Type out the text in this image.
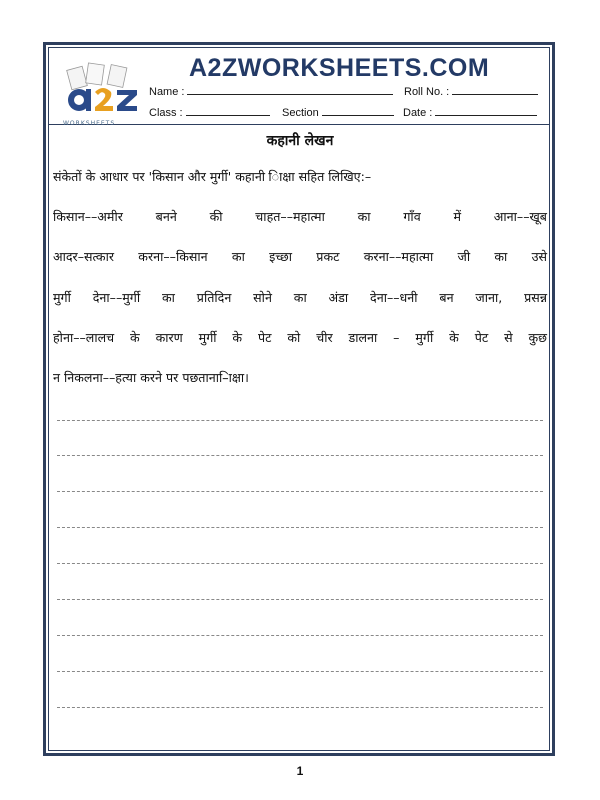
WORKSHEETS
A2ZWORKSHEETS.COM
Name :	Roll No. :
Class :	Section	Date :
कहानी लेखन
संकेतों के आधार पर 'किसान और मुर्गी' कहानी िाक्षा सहित लिखिए:–
किसान––अमीर बनने की चाहत––महात्मा का गाँव में आना––खूब
आदर–सत्कार करना––किसान का इच्छा प्रकट करना––महात्मा जी का उसे
मुर्गी देना––मुर्गी का प्रतिदिन सोने का अंडा देना––धनी बन जाना, प्रसन्न
होना––लालच के कारण मुर्गी के पेट को चीर डालना – मुर्गी के पेट से कुछ
न निकलना––हत्या करने पर पछताना–िाक्षा।
1
